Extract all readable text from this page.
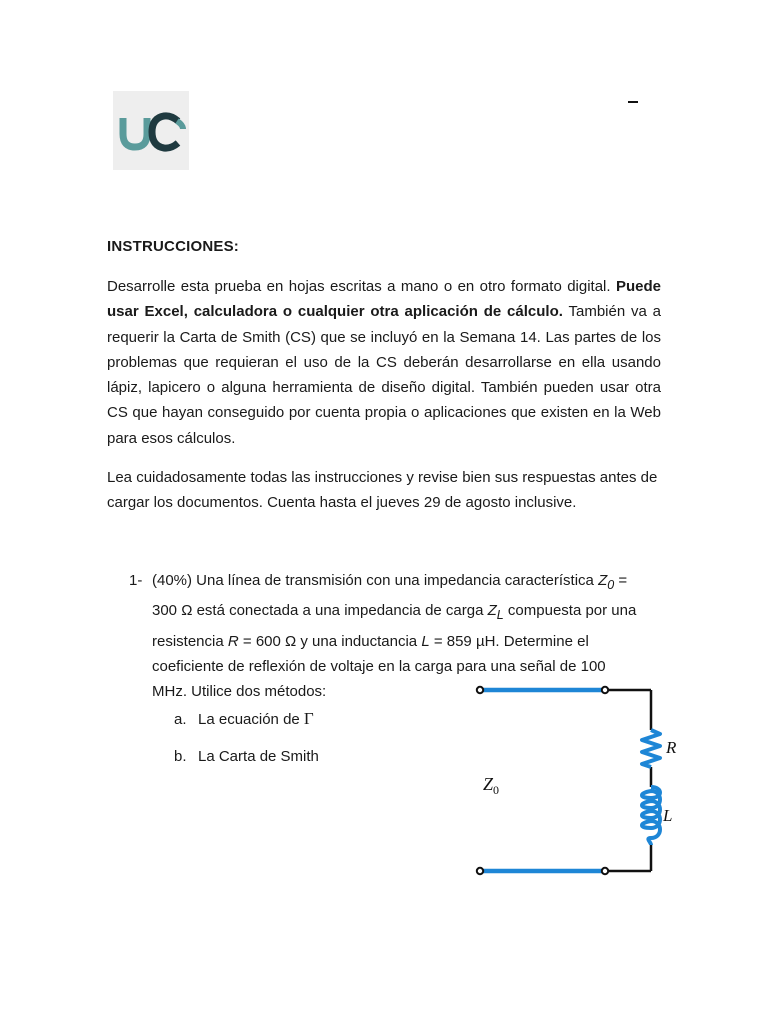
INSTRUCCIONES:
Desarrolle esta prueba en hojas escritas a mano o en otro formato digital. Puede usar Excel, calculadora o cualquier otra aplicación de cálculo. También va a requerir la Carta de Smith (CS) que se incluyó en la Semana 14. Las partes de los problemas que requieran el uso de la CS deberán desarrollarse en ella usando lápiz, lapicero o alguna herramienta de diseño digital. También pueden usar otra CS que hayan conseguido por cuenta propia o aplicaciones que existen en la Web para esos cálculos.
Lea cuidadosamente todas las instrucciones y revise bien sus respuestas antes de cargar los documentos. Cuenta hasta el jueves 29 de agosto inclusive.
1- (40%) Una línea de transmisión con una impedancia característica $Z_0 = 300$ Ω está conectada a una impedancia de carga $Z_L$ compuesta por una resistencia R = 600 Ω y una inductancia L = 859 µH. Determine el coeficiente de reflexión de voltaje en la carga para una señal de 100 MHz. Utilice dos métodos:
a. La ecuación de Γ
b. La Carta de Smith	R
L
$Z_0$
